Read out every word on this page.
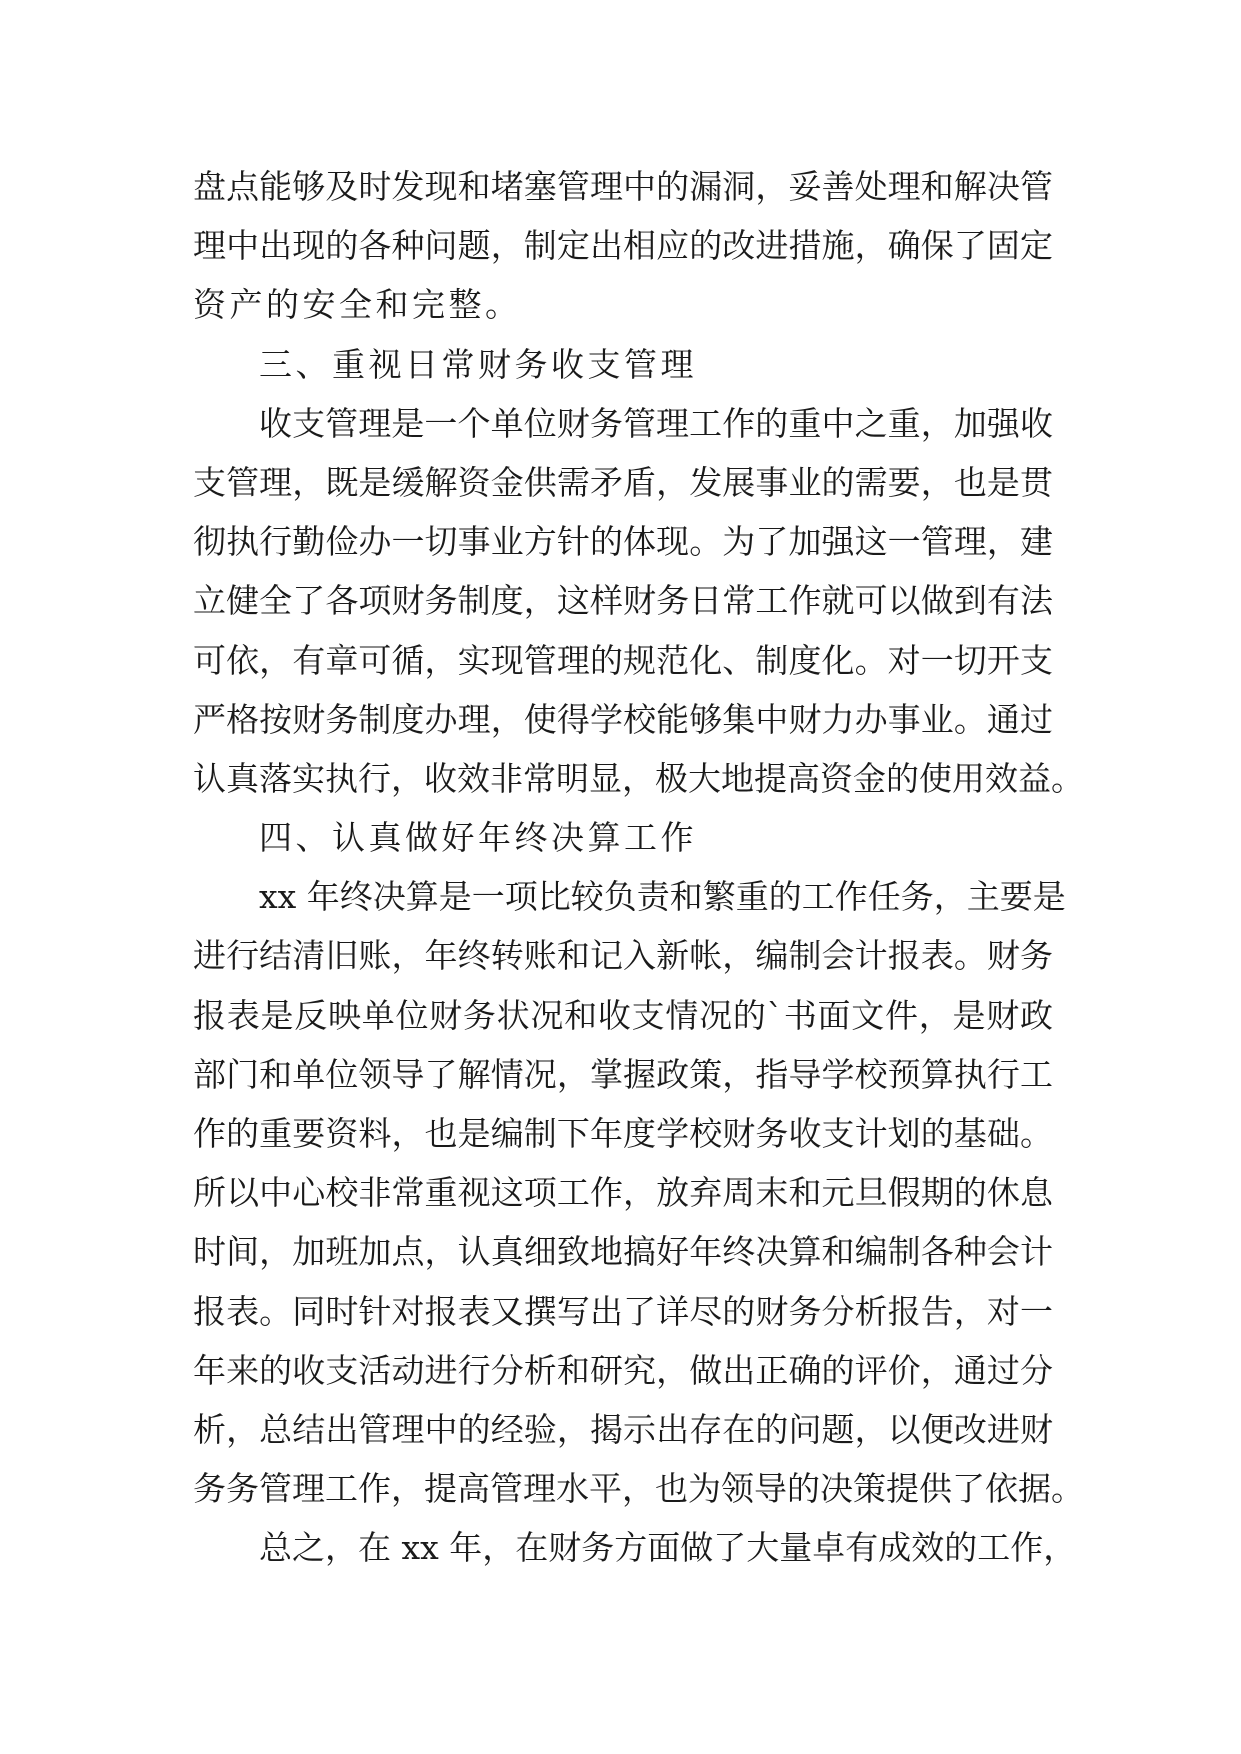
盘点能够及时发现和堵塞管理中的漏洞，妥善处理和解决管
理中出现的各种问题，制定出相应的改进措施，确保了固定
资产的安全和完整。
三、重视日常财务收支管理
收支管理是一个单位财务管理工作的重中之重，加强收
支管理，既是缓解资金供需矛盾，发展事业的需要，也是贯
彻执行勤俭办一切事业方针的体现。为了加强这一管理，建
立健全了各项财务制度，这样财务日常工作就可以做到有法
可依，有章可循，实现管理的规范化、制度化。对一切开支
严格按财务制度办理，使得学校能够集中财力办事业。通过
认真落实执行，收效非常明显，极大地提高资金的使用效益。
四、认真做好年终决算工作
xx 年终决算是一项比较负责和繁重的工作任务，主要是
进行结清旧账，年终转账和记入新帐，编制会计报表。财务
报表是反映单位财务状况和收支情况的`书面文件，是财政
部门和单位领导了解情况，掌握政策，指导学校预算执行工
作的重要资料，也是编制下年度学校财务收支计划的基础。
所以中心校非常重视这项工作，放弃周末和元旦假期的休息
时间，加班加点，认真细致地搞好年终决算和编制各种会计
报表。同时针对报表又撰写出了详尽的财务分析报告，对一
年来的收支活动进行分析和研究，做出正确的评价，通过分
析，总结出管理中的经验，揭示出存在的问题，以便改进财
务务管理工作，提高管理水平，也为领导的决策提供了依据。
总之，在 xx 年，在财务方面做了大量卓有成效的工作，
